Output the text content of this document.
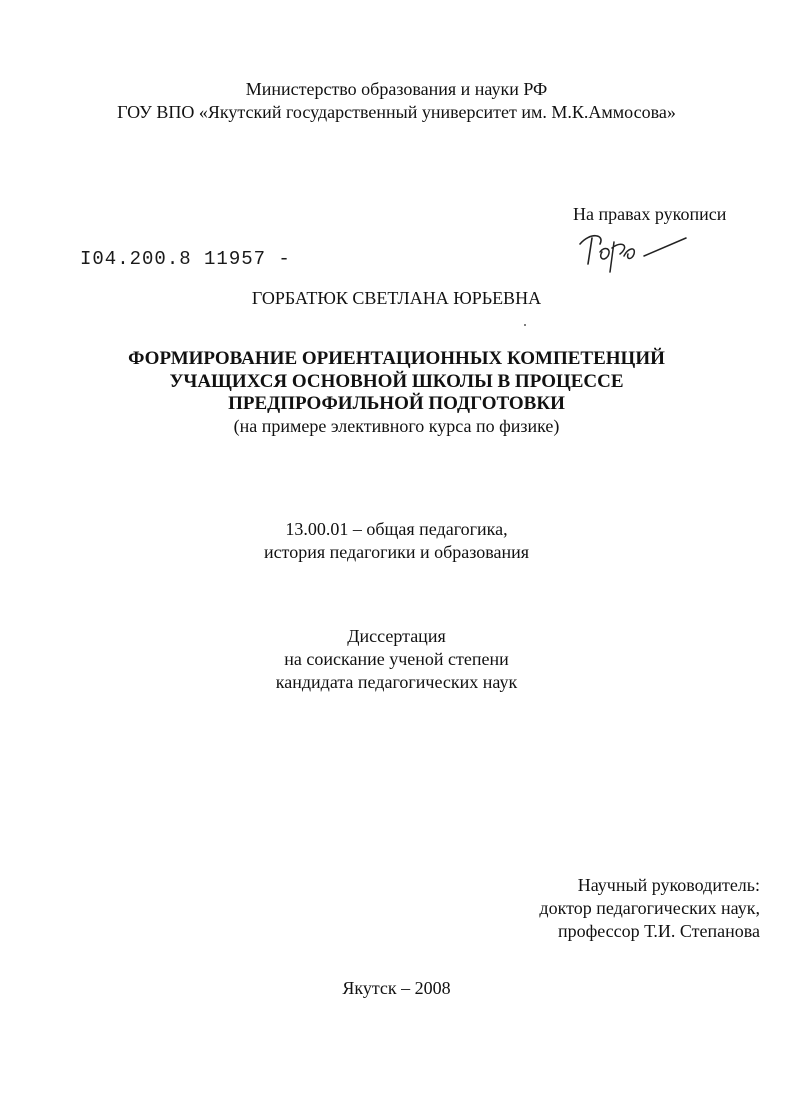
Министерство образования и науки РФ
ГОУ ВПО «Якутский государственный университет им. М.К.Аммосова»
На правах рукописи
I04.200.8 11957 -
ГОРБАТЮК СВЕТЛАНА ЮРЬЕВНА
ФОРМИРОВАНИЕ ОРИЕНТАЦИОННЫХ КОМПЕТЕНЦИЙ
УЧАЩИХСЯ ОСНОВНОЙ ШКОЛЫ В ПРОЦЕССЕ
ПРЕДПРОФИЛЬНОЙ ПОДГОТОВКИ
(на примере элективного курса по физике)
13.00.01 – общая педагогика,
история педагогики и образования
Диссертация
на соискание ученой степени
кандидата педагогических наук
Научный руководитель:
доктор педагогических наук,
профессор Т.И. Степанова
Якутск – 2008
